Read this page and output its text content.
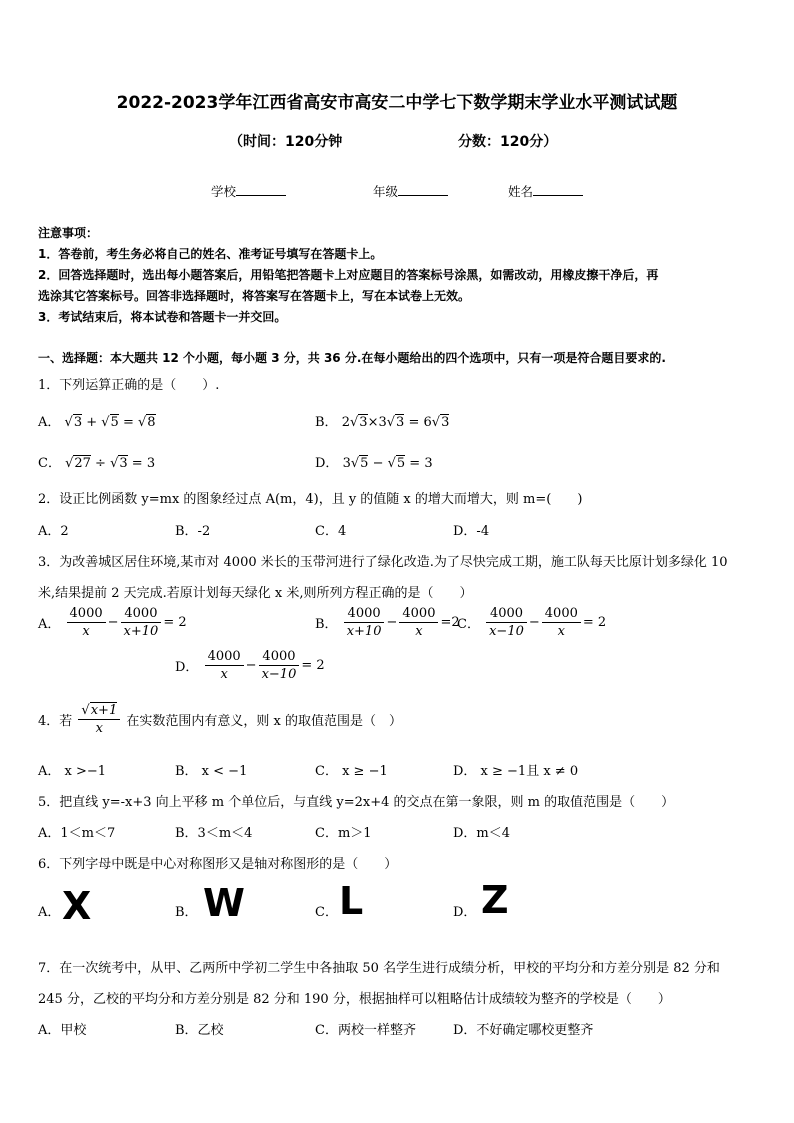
2022-2023学年江西省高安市高安二中学七下数学期末学业水平测试试题
（时间：120分钟	分数：120分）
学校	年级	姓名
注意事项：
1．答卷前，考生务必将自己的姓名、准考证号填写在答题卡上。
2．回答选择题时，选出每小题答案后，用铅笔把答题卡上对应题目的答案标号涂黑，如需改动，用橡皮擦干净后，再
选涂其它答案标号。回答非选择题时，将答案写在答题卡上，写在本试卷上无效。
3．考试结束后，将本试卷和答题卡一并交回。
一、选择题：本大题共 12 个小题，每小题 3 分，共 36 分.在每小题给出的四个选项中，只有一项是符合题目要求的.
1．下列运算正确的是（　　）.
A． √3 + √5 = √8	B． 2√3×3√3 = 6√3
C． √27 ÷ √3 = 3	D． 3√5 − √5 = 3
2．设正比例函数 y=mx 的图象经过点 A(m，4)，且 y 的值随 x 的增大而增大，则 m=(　　)
A．2	B．-2	C．4	D．-4
3．为改善城区居住环境,某市对 4000 米长的玉带河进行了绿化改造.为了尽快完成工期，施工队每天比原计划多绿化 10
米,结果提前 2 天完成.若原计划每天绿化 x 米,则所列方程正确的是（　　）
A． $\frac{4000}{x} - \frac{4000}{x+10} = 2$	B． $\frac{4000}{x+10} - \frac{4000}{x} =2$
C． $\frac{4000}{x-10} - \frac{4000}{x} = 2$
D． $\frac{4000}{x} - \frac{4000}{x-10} = 2$
4．若 $\frac{√x+1}{x}$ 在实数范围内有意义，则 x 的取值范围是（　）
A． x >−1	B． x < −1	C． x ≥ −1	D． x ≥ −1且 x ≠ 0
5．把直线 y=-x+3 向上平移 m 个单位后，与直线 y=2x+4 的交点在第一象限，则 m 的取值范围是（　　）
A．1＜m＜7	B．3＜m＜4	C．m＞1	D．m＜4
6．下列字母中既是中心对称图形又是轴对称图形的是（　　）
A． X	B． W	C． L	D． Z
7．在一次统考中，从甲、乙两所中学初二学生中各抽取 50 名学生进行成绩分析，甲校的平均分和方差分别是 82 分和
245 分，乙校的平均分和方差分别是 82 分和 190 分，根据抽样可以粗略估计成绩较为整齐的学校是（　　）
A．甲校	B．乙校	C．两校一样整齐	D．不好确定哪校更整齐
